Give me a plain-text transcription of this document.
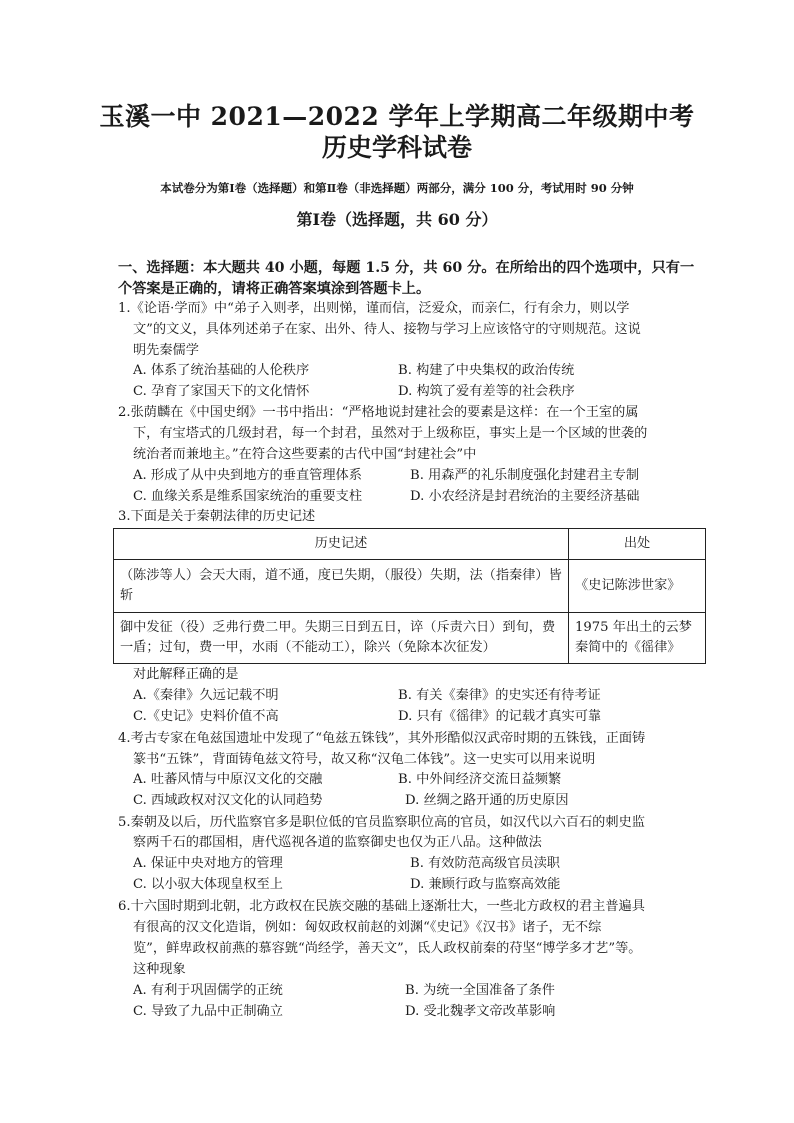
玉溪一中 2021—2022 学年上学期高二年级期中考
历史学科试卷
本试卷分为第Ⅰ卷（选择题）和第Ⅱ卷（非选择题）两部分，满分 100 分，考试用时 90 分钟
第Ⅰ卷（选择题，共 60 分）
一、选择题：本大题共 40 小题，每题 1.5 分，共 60 分。在所给出的四个选项中，只有一
个答案是正确的，请将正确答案填涂到答题卡上。
1.《论语·学而》中“弟子入则孝，出则悌，谨而信，泛爱众，而亲仁，行有余力，则以学
文”的文义，具体列述弟子在家、出外、待人、接物与学习上应该恪守的守则规范。这说
明先秦儒学
A. 体系了统治基础的人伦秩序	B. 构建了中央集权的政治传统
C. 孕育了家国天下的文化情怀	D. 构筑了爱有差等的社会秩序
2.张荫麟在《中国史纲》一书中指出：“严格地说封建社会的要素是这样：在一个王室的属
下，有宝塔式的几级封君，每一个封君，虽然对于上级称臣，事实上是一个区域的世袭的
统治者而兼地主。”在符合这些要素的古代中国“封建社会”中
A. 形成了从中央到地方的垂直管理体系	B. 用森严的礼乐制度强化封建君主专制
C. 血缘关系是维系国家统治的重要支柱	D. 小农经济是封君统治的主要经济基础
3.下面是关于秦朝法律的历史记述
历史记述	出处
（陈涉等人）会天大雨，道不通，度已失期，（服役）失期，法（指秦律）皆斩	《史记陈涉世家》
御中发征（役）乏弗行费二甲。失期三日到五日，谇（斥责六日）到旬，费一盾；过旬，费一甲，水雨（不能动工），除兴（免除本次征发）	1975 年出土的云梦秦简中的《徭律》
对此解释正确的是
A.《秦律》久远记载不明	B. 有关《秦律》的史实还有待考证
C.《史记》史料价值不高	D. 只有《徭律》的记载才真实可靠
4.考古专家在龟兹国遗址中发现了“龟兹五铢钱”，其外形酷似汉武帝时期的五铢钱，正面铸
篆书“五铢”，背面铸龟兹文符号，故又称“汉龟二体钱”。这一史实可以用来说明
A. 吐蕃风情与中原汉文化的交融	B. 中外间经济交流日益频繁
C. 西域政权对汉文化的认同趋势	D. 丝绸之路开通的历史原因
5.秦朝及以后，历代监察官多是职位低的官员监察职位高的官员，如汉代以六百石的刺史监
察两千石的郡国相，唐代巡视各道的监察御史也仅为正八品。这种做法
A. 保证中央对地方的管理	B. 有效防范高级官员渎职
C. 以小驭大体现皇权至上	D. 兼顾行政与监察高效能
6.十六国时期到北朝，北方政权在民族交融的基础上逐渐壮大，一些北方政权的君主普遍具
有很高的汉文化造诣，例如：匈奴政权前赵的刘渊“《史记》《汉书》诸子，无不综
览”，鲜卑政权前燕的慕容皝“尚经学，善天文”，氐人政权前秦的苻坚“博学多才艺”等。
这种现象
A. 有利于巩固儒学的正统	B. 为统一全国准备了条件
C. 导致了九品中正制确立	D. 受北魏孝文帝改革影响
